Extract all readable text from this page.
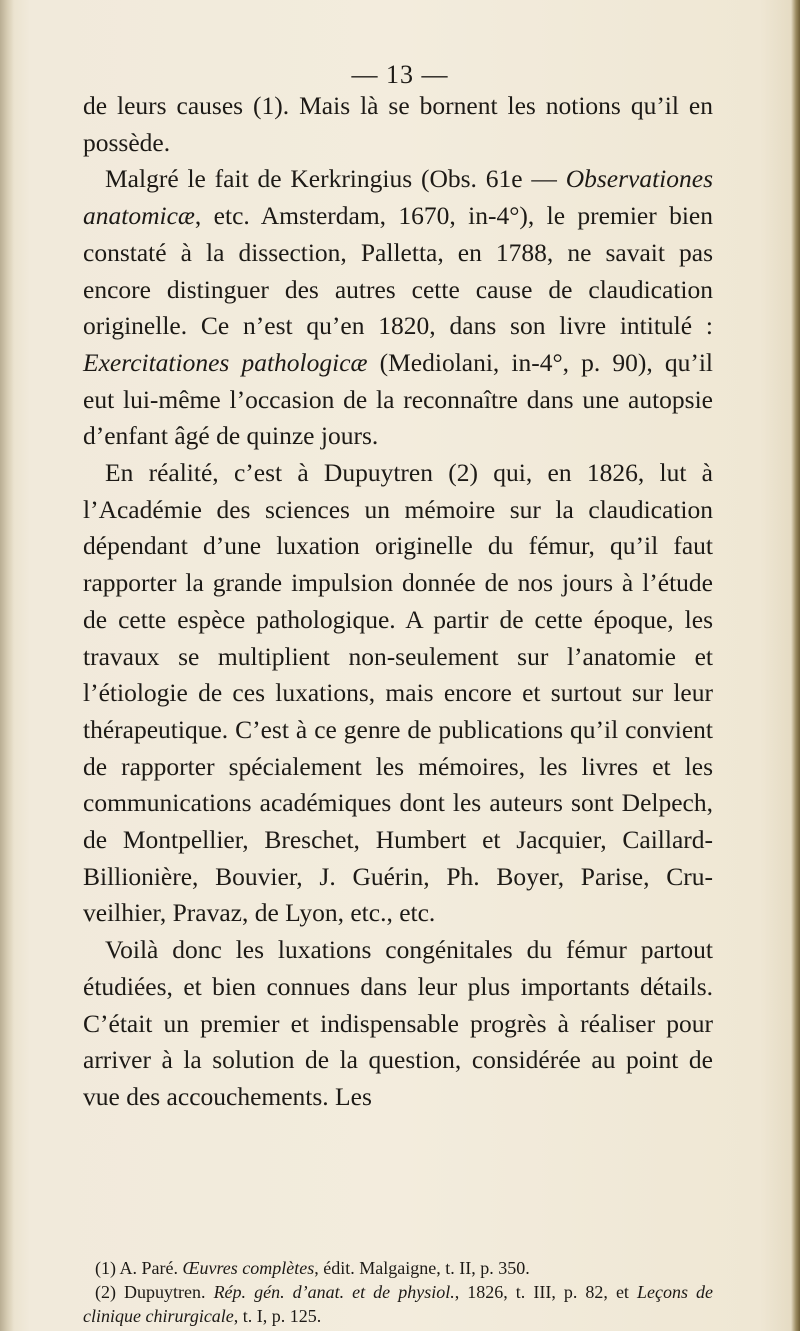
— 13 —

de leurs causes (1). Mais là se bornent les notions qu’il en possède.

Malgré le fait de Kerkringius (Obs. 61e — Observationes anatomicæ, etc. Amsterdam, 1670, in-4°), le premier bien constaté à la dissection, Palletta, en 1788, ne savait pas encore distinguer des autres cette cause de claudication originelle. Ce n’est qu’en 1820, dans son livre intitulé : Exercitationes pathologicæ (Mediolani, in-4°, p. 90), qu’il eut lui-même l’occasion de la reconnaître dans une autopsie d’enfant âgé de quinze jours.

En réalité, c’est à Dupuytren (2) qui, en 1826, lut à l’Académie des sciences un mémoire sur la claudication dépendant d’une luxation originelle du fémur, qu’il faut rapporter la grande impulsion donnée de nos jours à l’étude de cette espèce pathologique. A partir de cette époque, les travaux se multiplient non-seulement sur l’anatomie et l’étiologie de ces luxations, mais encore et surtout sur leur thérapeutique. C’est à ce genre de publications qu’il convient de rapporter spécialement les mémoires, les livres et les communications académiques dont les auteurs sont Delpech, de Montpellier, Breschet, Humbert et Jacquier, Caillard-Billionière, Bouvier, J. Guérin, Ph. Boyer, Parise, Cruveilhier, Pravaz, de Lyon, etc., etc.

Voilà donc les luxations congénitales du fémur partout étudiées, et bien connues dans leur plus importants détails. C’était un premier et indispensable progrès à réaliser pour arriver à la solution de la question, considérée au point de vue des accouchements. Les

(1) A. Paré. Œuvres complètes, édit. Malgaigne, t. II, p. 350.

(2) Dupuytren. Rép. gén. d’anat. et de physiol., 1826, t. III, p. 82, et Leçons de clinique chirurgicale, t. I, p. 125.
